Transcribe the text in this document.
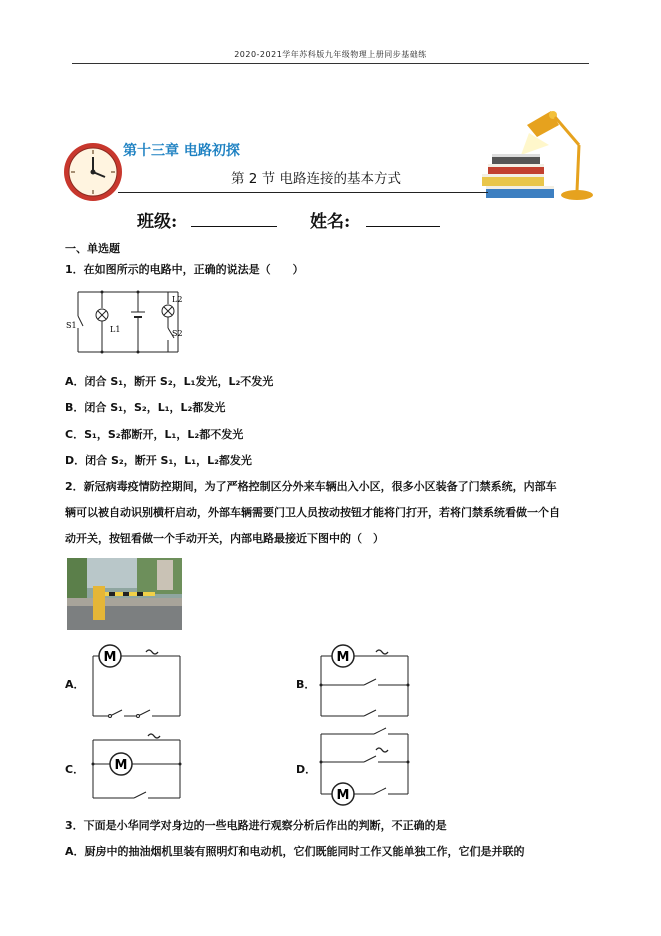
2020-2021学年苏科版九年级物理上册同步基础练
第十三章 电路初探
第 2 节 电路连接的基本方式
班级:	姓名:
一、单选题
1．在如图所示的电路中，正确的说法是（　　）
S1	L1
L2
S2
A．闭合 S₁，断开 S₂，L₁发光，L₂不发光
B．闭合 S₁，S₂，L₁，L₂都发光
C．S₁，S₂都断开，L₁，L₂都不发光
D．闭合 S₂，断开 S₁，L₁，L₂都发光
2．新冠病毒疫情防控期间，为了严格控制区分外来车辆出入小区，很多小区装备了门禁系统，内部车
辆可以被自动识别横杆启动，外部车辆需要门卫人员按动按钮才能将门打开，若将门禁系统看做一个自
动开关，按钮看做一个手动开关，内部电路最接近下图中的（　）
A．
M
B．
M
C． M	D．
M
3．下面是小华同学对身边的一些电路进行观察分析后作出的判断，不正确的是
A．厨房中的抽油烟机里装有照明灯和电动机，它们既能同时工作又能单独工作，它们是并联的
